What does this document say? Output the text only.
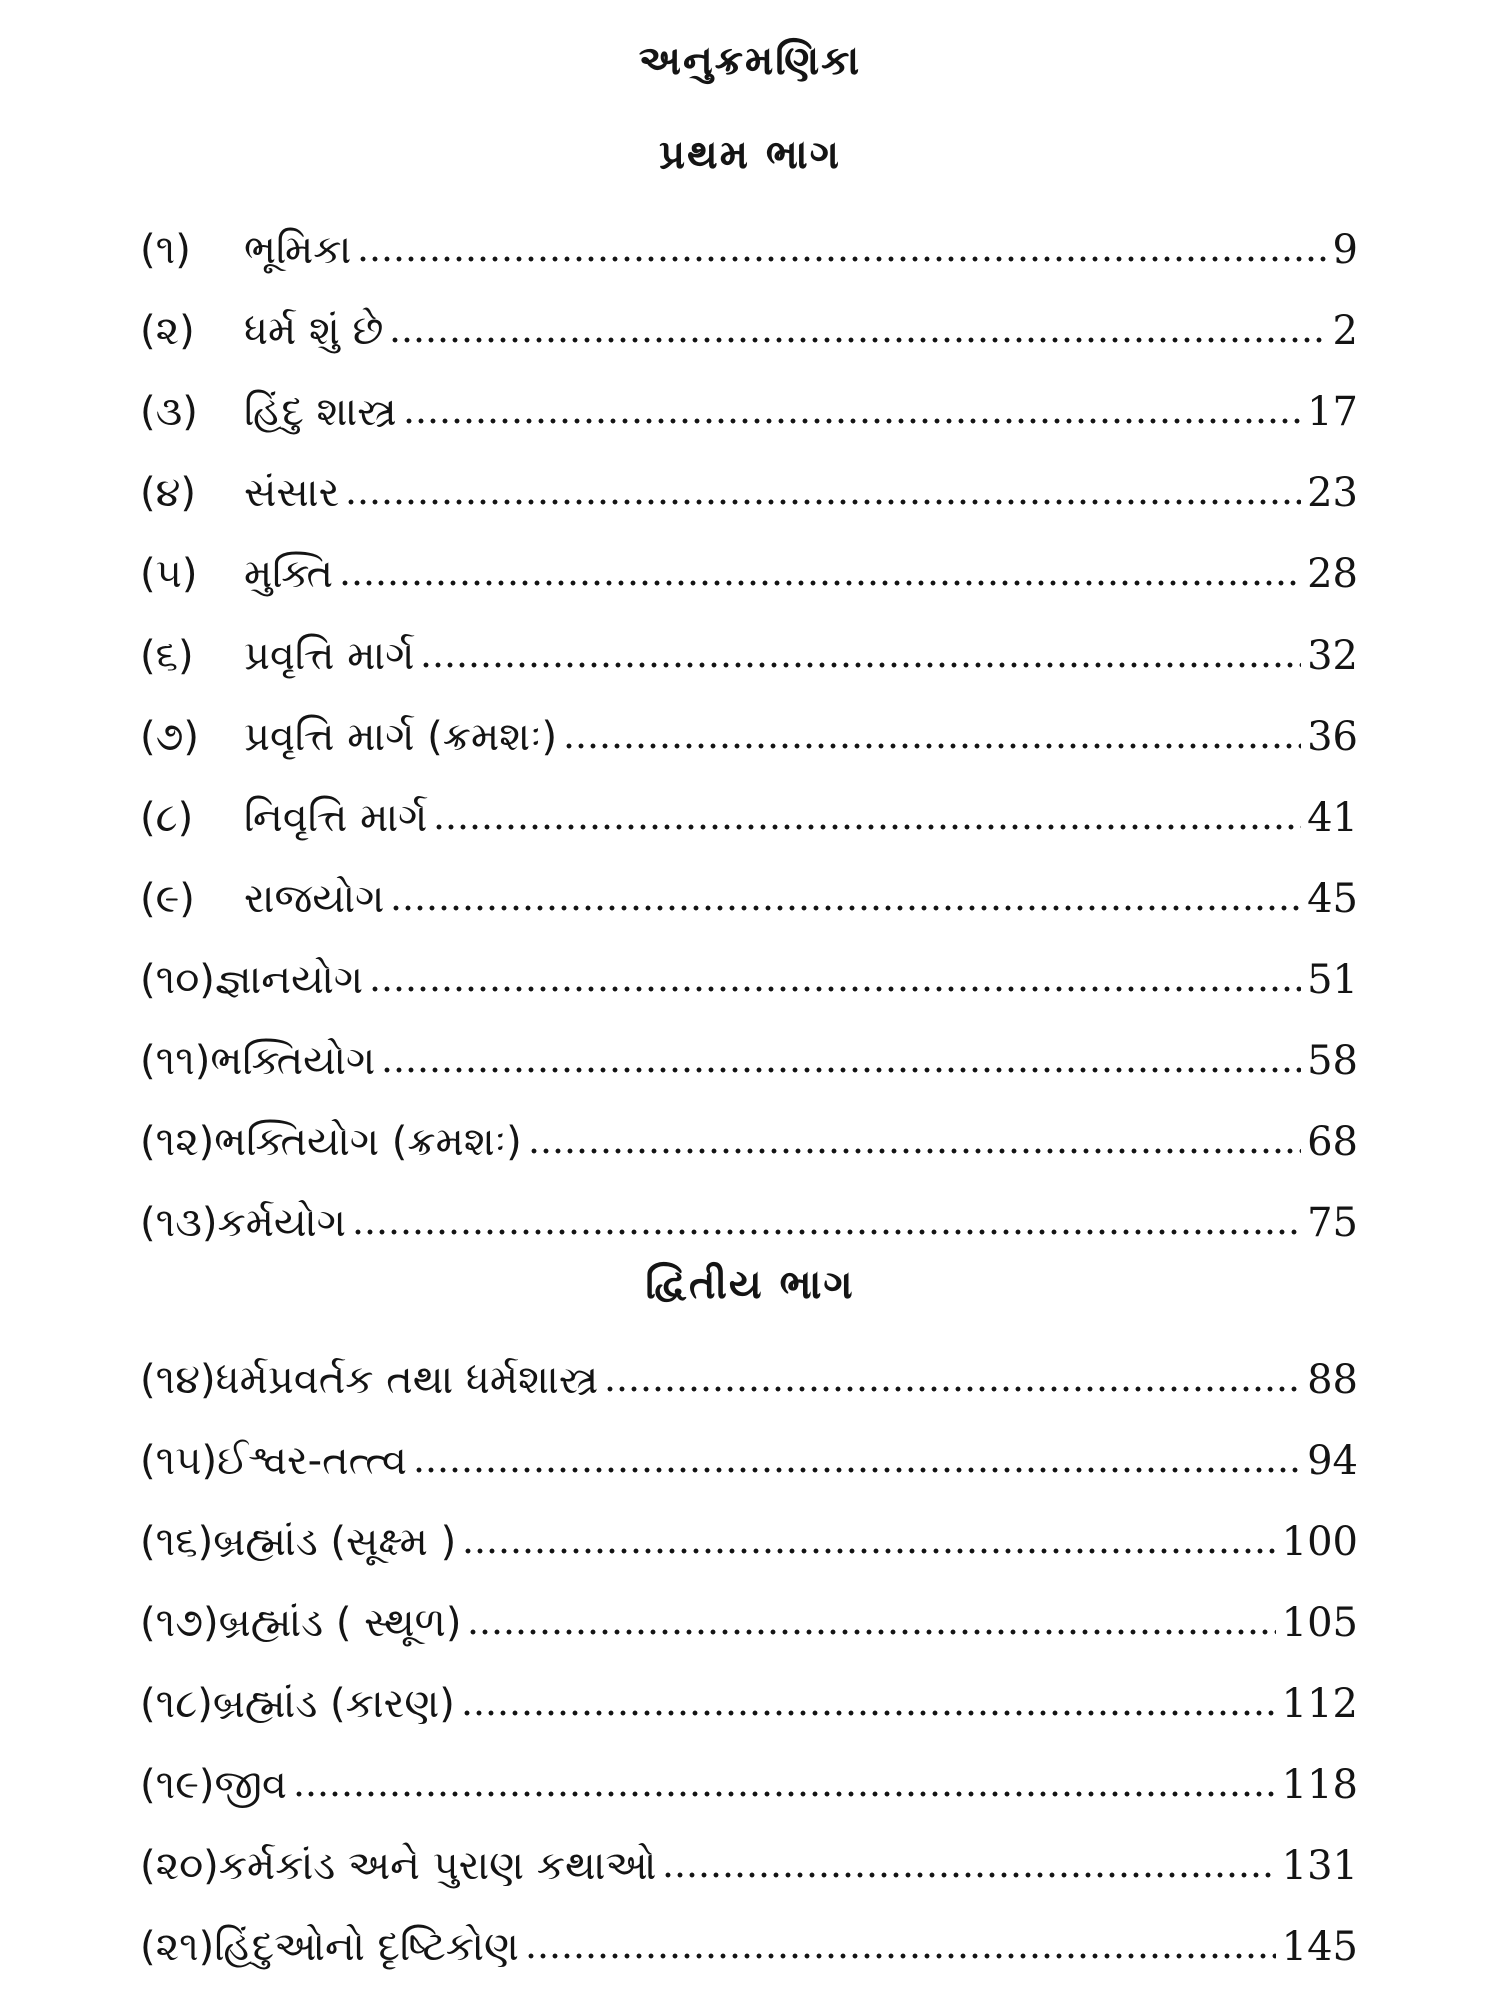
અનુક્રમણિકા
પ્રથમ ભાગ
(૧)	ભૂમિકા	9
(૨)	ધર્મ શું છે	2
(૩)	હિંદુ શાસ્ત્ર	17
(૪)	સંસાર	23
(૫)	મુક્તિ	28
(૬)	પ્રવૃત્તિ માર્ગ	32
(૭)	પ્રવૃત્તિ માર્ગ (ક્રમશઃ)	36
(૮)	નિવૃત્તિ માર્ગ	41
(૯)	રાજયોગ	45
(૧૦) જ્ઞાનયોગ	51
(૧૧) ભક્તિયોગ	58
(૧૨) ભક્તિયોગ (ક્રમશઃ)	68
(૧૩) કર્મયોગ	75
દ્વિતીય ભાગ
(૧૪) ધર્મપ્રવર્તક તથા ધર્મશાસ્ત્ર	88
(૧૫) ઈશ્વર-તત્ત્વ	94
(૧૬) બ્રહ્માંડ (સૂક્ષ્મ )	100
(૧૭) બ્રહ્માંડ ( સ્થૂળ)	105
(૧૮) બ્રહ્માંડ (કારણ)	112
(૧૯) જીવ	118
(૨૦) કર્મકાંડ અને પુરાણ કથાઓ	131
(૨૧) હિંદુઓનો દૃષ્ટિકોણ	145
